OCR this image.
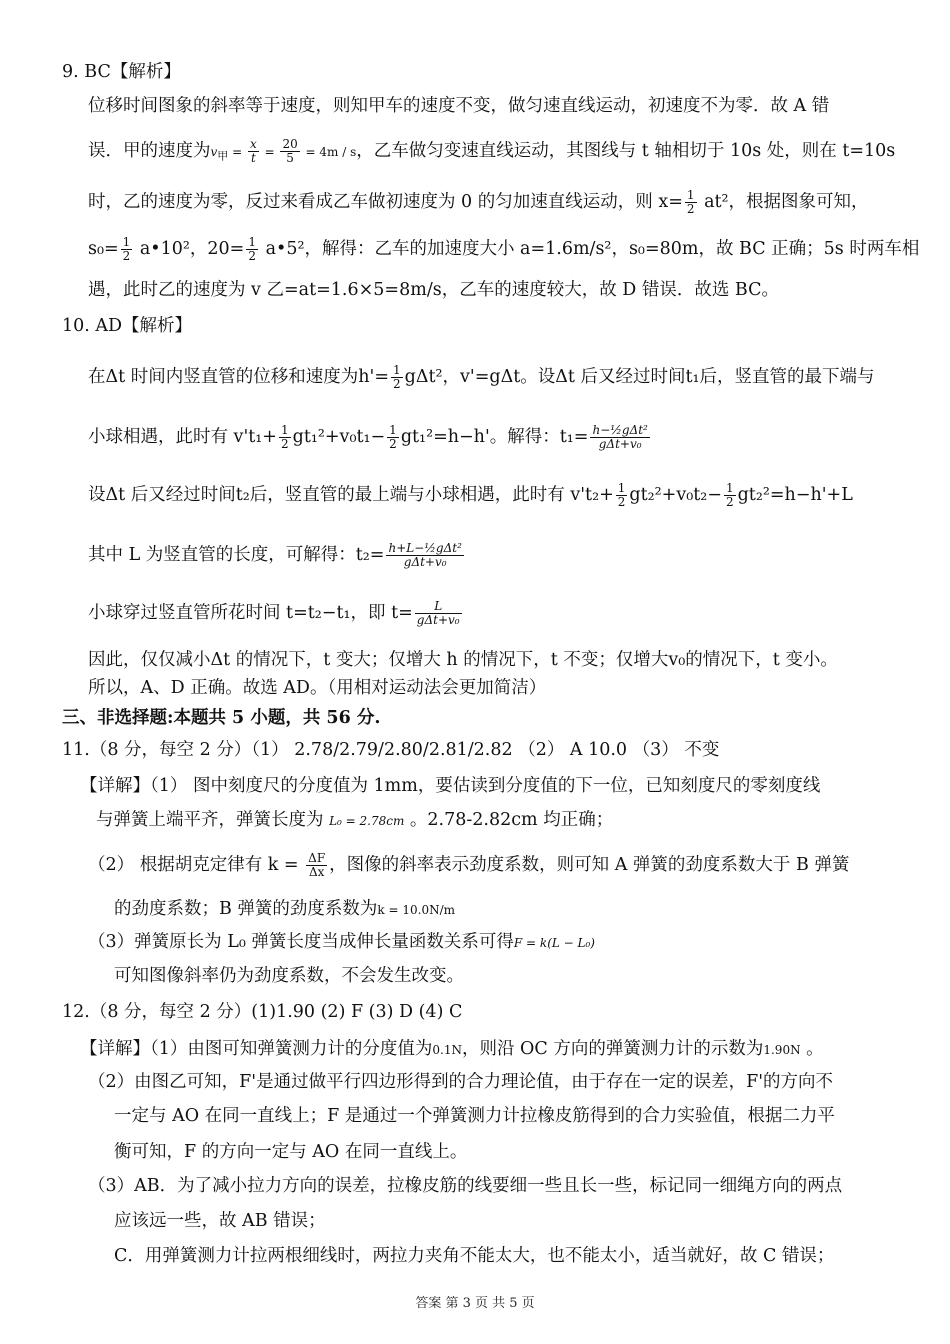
9. BC【解析】
位移时间图象的斜率等于速度，则知甲车的速度不变，做匀速直线运动，初速度不为零．故 A 错
误．甲的速度为$v_甲 = \frac{x}{t} = \frac{20}{5} = 4m / s$，乙车做匀变速直线运动，其图线与 t 轴相切于 10s 处，则在 t=10s
时，乙的速度为零，反过来看成乙车做初速度为 0 的匀加速直线运动，则 $x= \frac{1}{2} at^2$，根据图象可知，
$s_0= \frac{1}{2}$ a•10²，$20= \frac{1}{2}$ a•5²，解得：乙车的加速度大小 a=1.6m/s²，s₀=80m，故 BC 正确；5s 时两车相
遇，此时乙的速度为 v 乙=at=1.6×5=8m/s，乙车的速度较大，故 D 错误．故选 BC。
10. AD【解析】
在Δt 时间内竖直管的位移和速度为$h'= \frac{1}{2} g\Delta t^2$，v'=gΔt。设Δt 后又经过时间t₁后，竖直管的最下端与
小球相遇，此时有 $v't_1+ \frac{1}{2} gt_1^2+v_0t_1- \frac{1}{2} gt_1^2=h-h'$。解得：$t_1= \frac{\text{h−½gΔt²}}{\text{gΔt+v₀}}$
设Δt 后又经过时间t₂后，竖直管的最上端与小球相遇，此时有 $v't_2+ \frac{1}{2} gt_2^2+v_0t_2- \frac{1}{2} gt_2^2=h-h'+L$
其中 L 为竖直管的长度，可解得：$t_2= \frac{\text{h+L−½gΔt²}}{\text{gΔt+v₀}}$
小球穿过竖直管所花时间 t=t₂−t₁，即 $t= \frac{L}{\text{gΔt+v₀}}$
因此，仅仅减小Δt 的情况下，t 变大；仅增大 h 的情况下，t 不变；仅增大v₀的情况下，t 变小。
所以，A、D 正确。故选 AD。（用相对运动法会更加简洁）
三、非选择题:本题共 5 小题，共 56 分.
11.（8 分，每空 2 分）（1） 2.78/2.79/2.80/2.81/2.82 （2） A 10.0 （3） 不变
【详解】（1） 图中刻度尺的分度值为 1mm，要估读到分度值的下一位，已知刻度尺的零刻度线
与弹簧上端平齐，弹簧长度为 L₀ = 2.78cm 。2.78-2.82cm 均正确；
（2） 根据胡克定律有 $k = \frac{\Delta F}{\Delta x}$ ，图像的斜率表示劲度系数，则可知 A 弹簧的劲度系数大于 B 弹簧
的劲度系数；B 弹簧的劲度系数为k = 10.0N/m
（3）弹簧原长为 L₀ 弹簧长度当成伸长量函数关系可得F = k(L − L₀)
可知图像斜率仍为劲度系数，不会发生改变。
12.（8 分，每空 2 分）(1)1.90 (2) F (3) D (4) C
【详解】（1）由图可知弹簧测力计的分度值为0.1N，则沿 OC 方向的弹簧测力计的示数为1.90N 。
（2）由图乙可知，F'是通过做平行四边形得到的合力理论值，由于存在一定的误差，F'的方向不
一定与 AO 在同一直线上；F 是通过一个弹簧测力计拉橡皮筋得到的合力实验值，根据二力平
衡可知，F 的方向一定与 AO 在同一直线上。
（3）AB．为了减小拉力方向的误差，拉橡皮筋的线要细一些且长一些，标记同一细绳方向的两点
应该远一些，故 AB 错误；
C．用弹簧测力计拉两根细线时，两拉力夹角不能太大，也不能太小，适当就好，故 C 错误；
答案 第 3 页 共 5 页
